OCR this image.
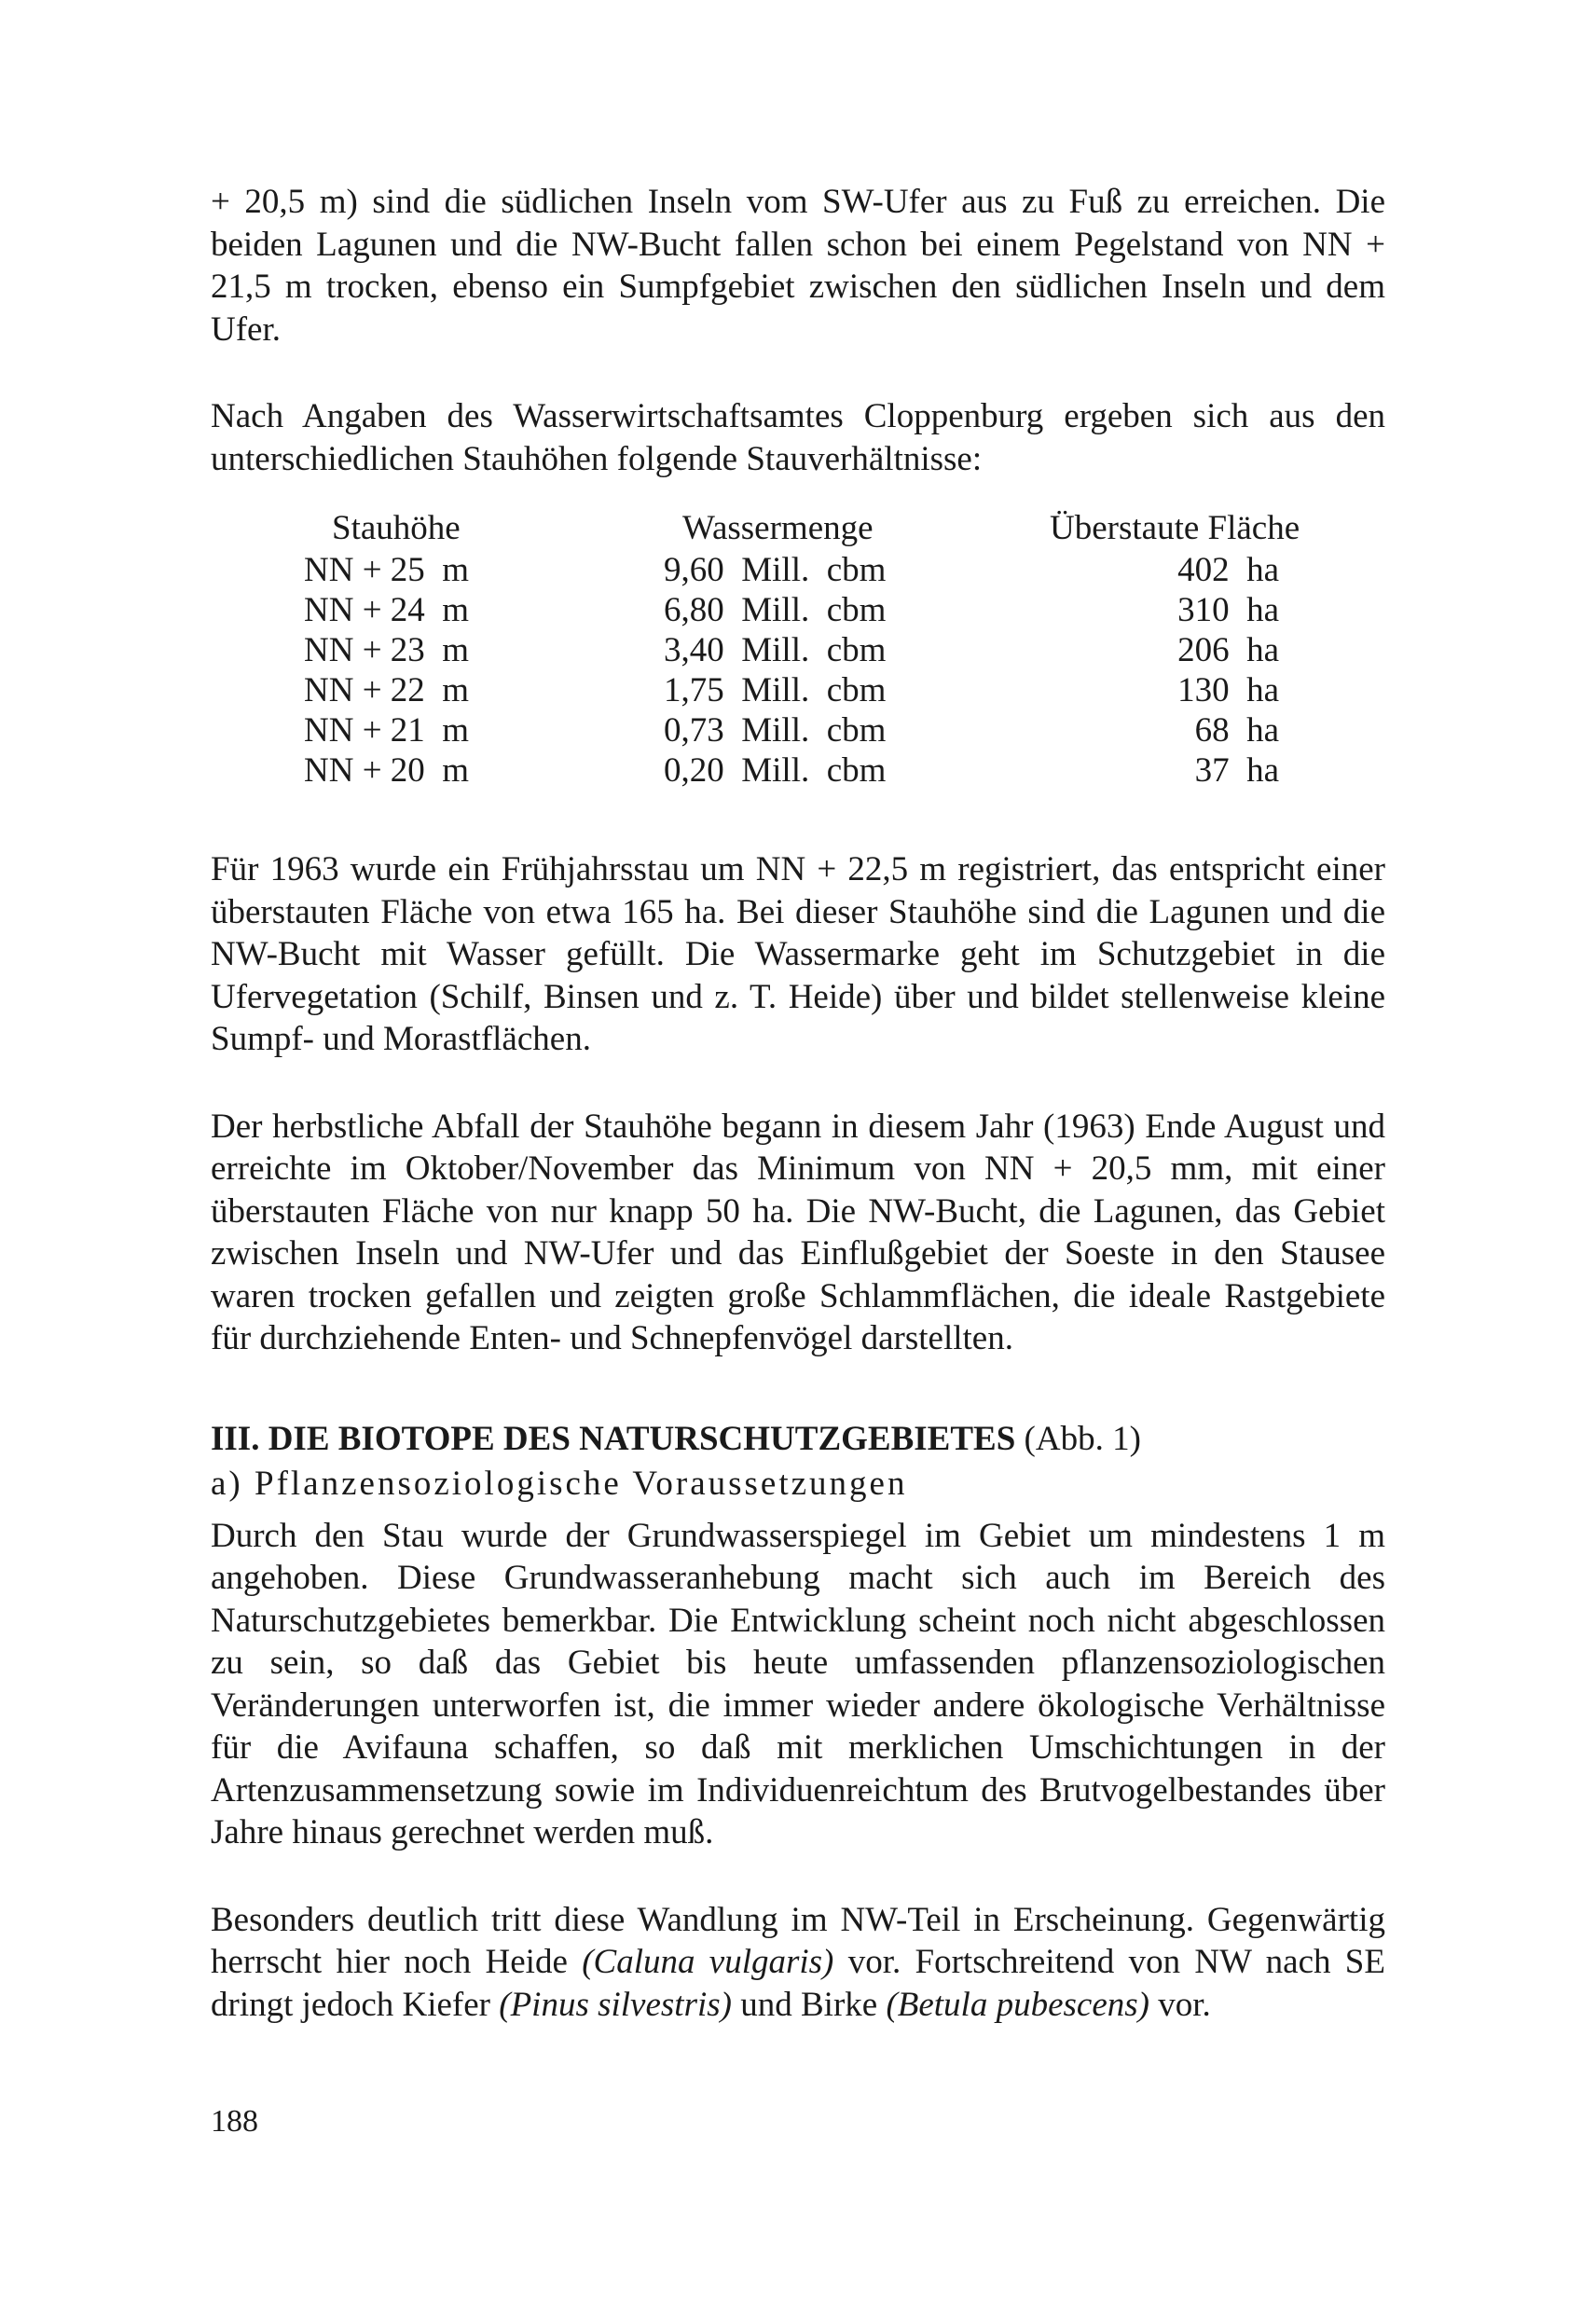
+ 20,5 m) sind die südlichen Inseln vom SW-Ufer aus zu Fuß zu erreichen. Die beiden Lagunen und die NW-Bucht fallen schon bei einem Pegelstand von NN + 21,5 m trocken, ebenso ein Sumpfgebiet zwischen den südlichen Inseln und dem Ufer.

Nach Angaben des Wasserwirtschaftsamtes Cloppenburg ergeben sich aus den unterschiedlichen Stauhöhen folgende Stauverhältnisse:

Stauhöhe
NN + 25  m
NN + 24  m
NN + 23  m
NN + 22  m
NN + 21  m
NN + 20  m
Wassermenge
9,60  Mill.  cbm
6,80  Mill.  cbm
3,40  Mill.  cbm
1,75  Mill.  cbm
0,73  Mill.  cbm
0,20  Mill.  cbm
Überstaute Fläche
402  ha
310  ha
206  ha
130  ha
68  ha
37  ha

Für 1963 wurde ein Frühjahrsstau um NN + 22,5 m registriert, das entspricht einer überstauten Fläche von etwa 165 ha. Bei dieser Stauhöhe sind die Lagunen und die NW-Bucht mit Wasser gefüllt. Die Wassermarke geht im Schutzgebiet in die Ufervegetation (Schilf, Binsen und z. T. Heide) über und bildet stellenweise kleine Sumpf- und Morastflächen.

Der herbstliche Abfall der Stauhöhe begann in diesem Jahr (1963) Ende August und erreichte im Oktober/November das Minimum von NN + 20,5 mm, mit einer überstauten Fläche von nur knapp 50 ha. Die NW-Bucht, die Lagunen, das Gebiet zwischen Inseln und NW-Ufer und das Einflußgebiet der Soeste in den Stausee waren trocken gefallen und zeigten große Schlammflächen, die ideale Rastgebiete für durchziehende Enten- und Schnepfenvögel darstellten.

III. DIE BIOTOPE DES NATURSCHUTZGEBIETES (Abb. 1)
a) Pflanzensoziologische Voraussetzungen

Durch den Stau wurde der Grundwasserspiegel im Gebiet um mindestens 1 m angehoben. Diese Grundwasseranhebung macht sich auch im Bereich des Naturschutzgebietes bemerkbar. Die Entwicklung scheint noch nicht abgeschlossen zu sein, so daß das Gebiet bis heute umfassenden pflanzensoziologischen Veränderungen unterworfen ist, die immer wieder andere ökologische Verhältnisse für die Avifauna schaffen, so daß mit merklichen Umschichtungen in der Artenzusammensetzung sowie im Individuenreichtum des Brutvogelbestandes über Jahre hinaus gerechnet werden muß.

Besonders deutlich tritt diese Wandlung im NW-Teil in Erscheinung. Gegenwärtig herrscht hier noch Heide (Caluna vulgaris) vor. Fortschreitend von NW nach SE dringt jedoch Kiefer (Pinus silvestris) und Birke (Betula pubescens) vor.

188
